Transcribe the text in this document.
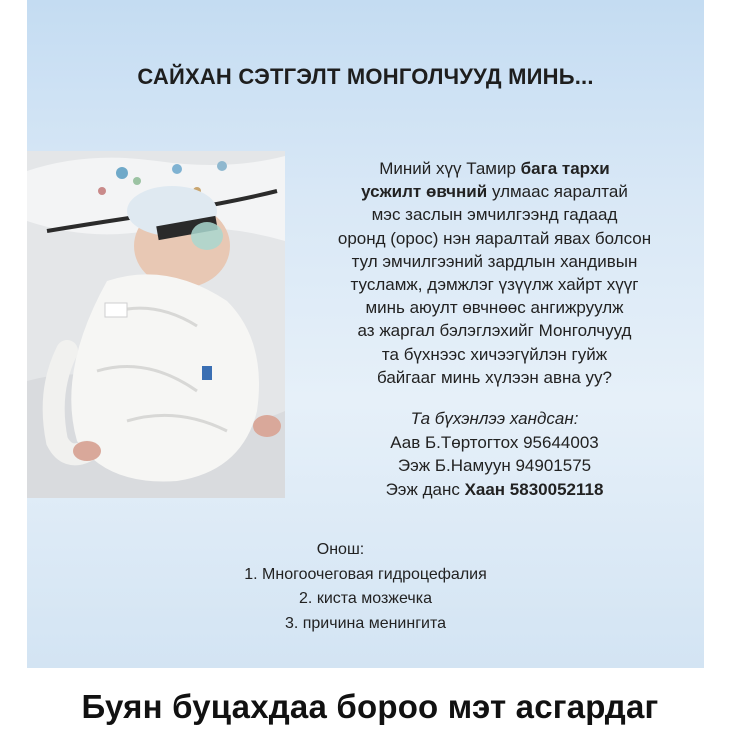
САЙХАН СЭТГЭЛТ МОНГОЛЧУУД МИНЬ...
Миний хүү Тамир бага тархи
усжилт өвчний улмаас яаралтай
мэс заслын эмчилгээнд гадаад
оронд (орос) нэн яаралтай явах болсон
тул эмчилгээний зардлын хандивын
тусламж, дэмжлэг үзүүлж хайрт хүүг
минь аюулт өвчнөөс ангижруулж
аз жаргал бэлэглэхийг Монголчууд
та бүхнээс хичээгүйлэн гуйж
байгааг минь хүлээн авна уу?
Та бүхэнлээ хандсан:
Аав Б.Төртогтох 95644003
Ээж Б.Намуун 94901575
Ээж данс Хаан 5830052118
Онош:
1. Многоочеговая гидроцефалия
2. киста мозжечка
3. причина менингита
Буян буцахдаа бороо мэт асгардаг
